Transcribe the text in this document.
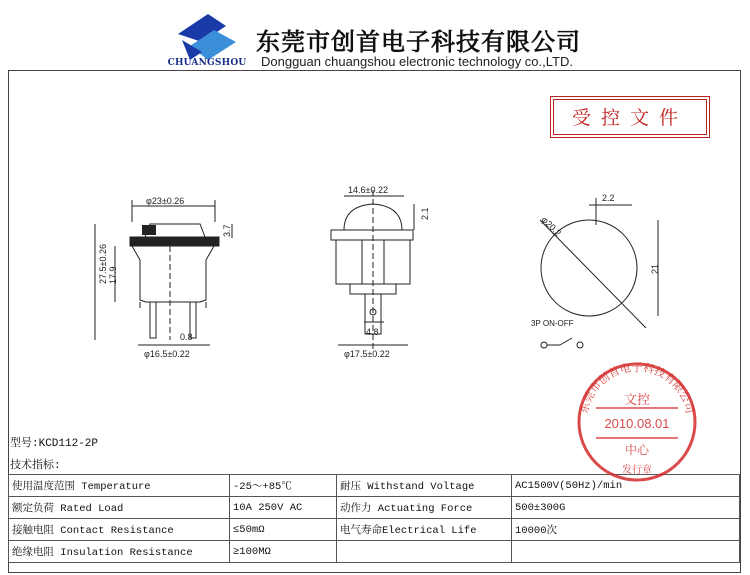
CHUANGSHOU
东莞市创首电子科技有限公司
Dongguan chuangshou electronic technology co.,LTD.
受控文件
φ23±0.26
3.7
27.5±0.26 17.9
φ16.5±0.22
0.8
14.6±0.22
2.1
4.8
φ17.5±0.22
2.2
φ20.2
21
3P ON-OFF
型号:KCD112-2P
技术指标:
使用温度范围 Temperature	-25～+85℃	耐压 Withstand Voltage	AC1500V(50Hz)/min
额定负荷 Rated Load	10A 250V AC	动作力 Actuating Force	500±300G
接触电阻 Contact Resistance	≤50mΩ	电气寿命Electrical Life	10000次
绝缘电阻 Insulation Resistance	≥100MΩ		
东莞市创首电子科技有限公司
文控
2010.08.01
中心
发行章
